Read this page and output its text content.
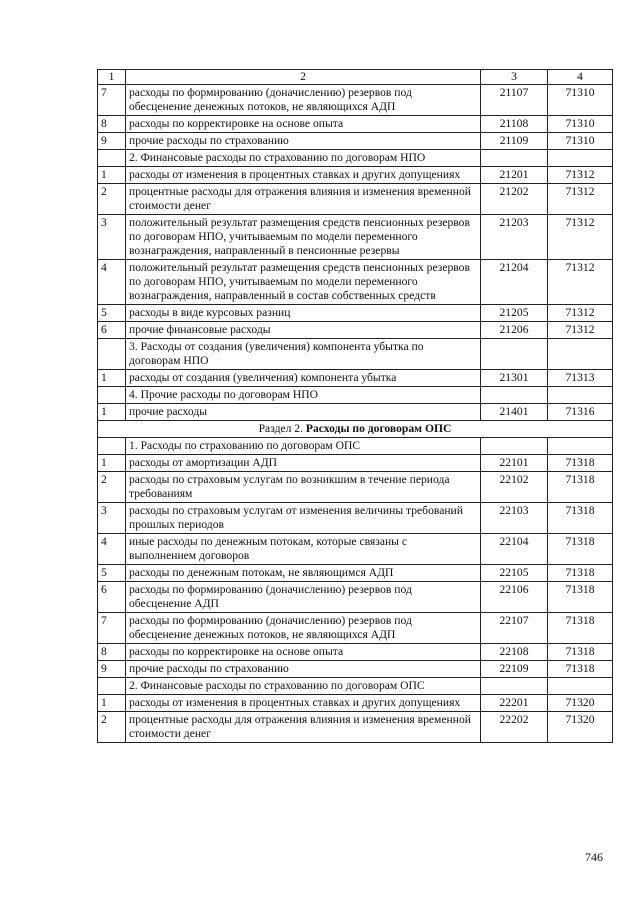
1	2	3	4
7	расходы по формированию (доначислению) резервов под обесценение денежных потоков, не являющихся АДП	21107	71310
8	расходы по корректировке на основе опыта	21108	71310
9	прочие расходы по страхованию	21109	71310
	2. Финансовые расходы по страхованию по договорам НПО		
1	расходы от изменения в процентных ставках и других допущениях	21201	71312
2	процентные расходы для отражения влияния и изменения временной стоимости денег	21202	71312
3	положительный результат размещения средств пенсионных резервов по договорам НПО, учитываемым по модели переменного вознаграждения, направленный в пенсионные резервы	21203	71312
4	положительный результат размещения средств пенсионных резервов по договорам НПО, учитываемым по модели переменного вознаграждения, направленный в состав собственных средств	21204	71312
5	расходы в виде курсовых разниц	21205	71312
6	прочие финансовые расходы	21206	71312
	3. Расходы от создания (увеличения) компонента убытка по договорам НПО		
1	расходы от создания (увеличения) компонента убытка	21301	71313
	4. Прочие расходы по договорам НПО		
1	прочие расходы	21401	71316
Раздел 2. Расходы по договорам ОПС			
	1. Расходы по страхованию по договорам ОПС		
1	расходы от амортизации АДП	22101	71318
2	расходы по страховым услугам по возникшим в течение периода требованиям	22102	71318
3	расходы по страховым услугам от изменения величины требований прошлых периодов	22103	71318
4	иные расходы по денежным потокам, которые связаны с выполнением договоров	22104	71318
5	расходы по денежным потокам, не являющимся АДП	22105	71318
6	расходы по формированию (доначислению) резервов под обесценение АДП	22106	71318
7	расходы по формированию (доначислению) резервов под обесценение денежных потоков, не являющихся АДП	22107	71318
8	расходы по корректировке на основе опыта	22108	71318
9	прочие расходы по страхованию	22109	71318
	2. Финансовые расходы по страхованию по договорам ОПС		
1	расходы от изменения в процентных ставках и других допущениях	22201	71320
2	процентные расходы для отражения влияния и изменения временной стоимости денег	22202	71320
746
